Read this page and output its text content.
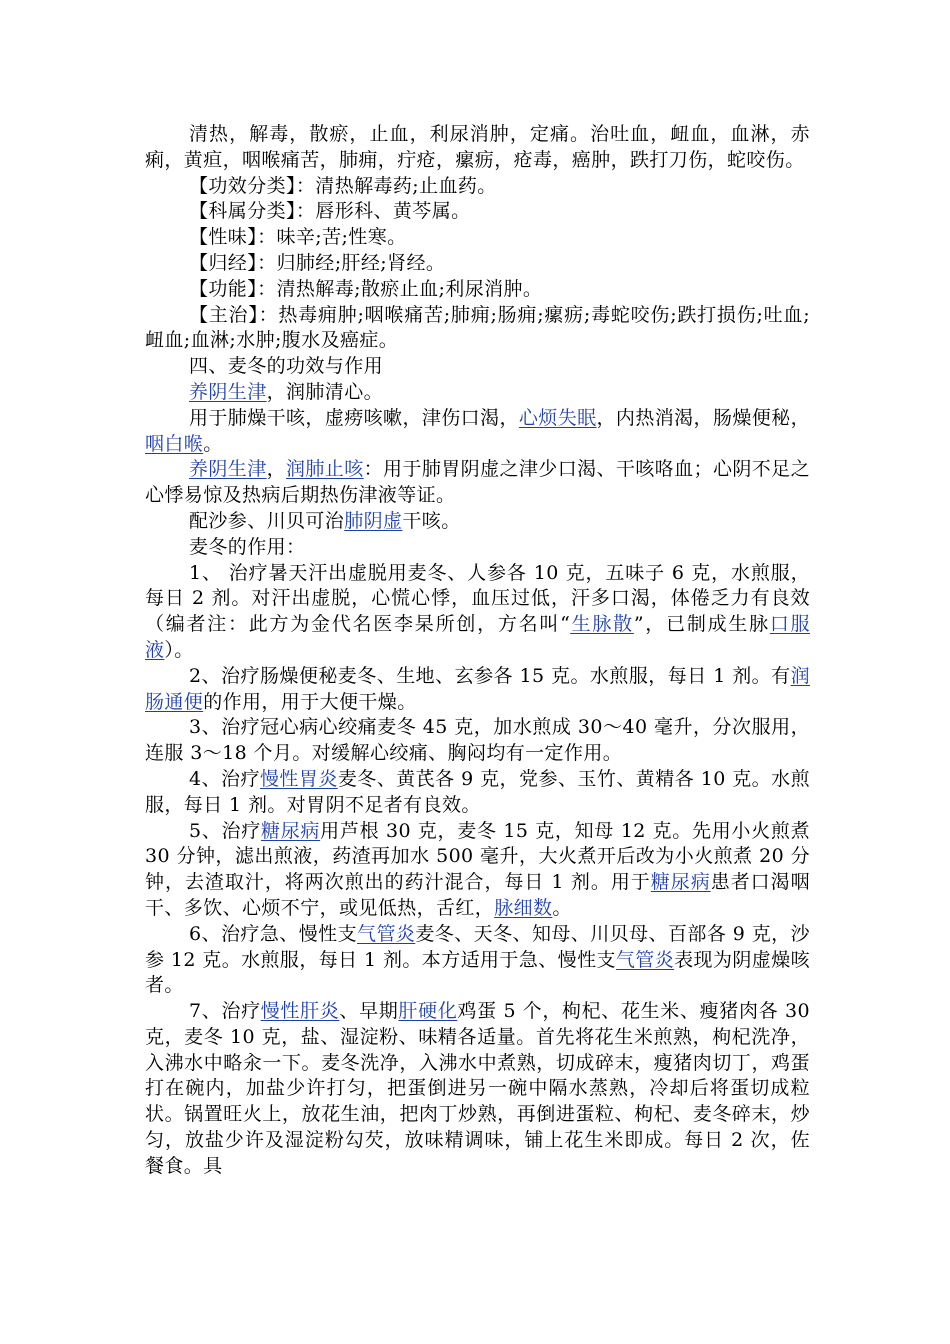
清热，解毒，散瘀，止血，利尿消肿，定痛。治吐血，衄血，血淋，赤痢，黄疸，咽喉痛苦，肺痈，疔疮，瘰疬，疮毒，癌肿，跌打刀伤，蛇咬伤。

【功效分类】：清热解毒药;止血药。

【科属分类】：唇形科、黄芩属。

【性味】：味辛;苦;性寒。

【归经】：归肺经;肝经;肾经。

【功能】：清热解毒;散瘀止血;利尿消肿。

【主治】：热毒痈肿;咽喉痛苦;肺痈;肠痈;瘰疬;毒蛇咬伤;跌打损伤;吐血;衄血;血淋;水肿;腹水及癌症。

四、麦冬的功效与作用

养阴生津，润肺清心。

用于肺燥干咳，虚痨咳嗽，津伤口渴，心烦失眠，内热消渴，肠燥便秘，咽白喉。

养阴生津，润肺止咳：用于肺胃阴虚之津少口渴、干咳咯血；心阴不足之心悸易惊及热病后期热伤津液等证。

配沙参、川贝可治肺阴虚干咳。

麦冬的作用：

1、 治疗暑天汗出虚脱用麦冬、人参各 10 克，五味子 6 克，水煎服，每日 2 剂。对汗出虚脱，心慌心悸，血压过低，汗多口渴，体倦乏力有良效（编者注：此方为金代名医李杲所创，方名叫“生脉散”，已制成生脉口服液）。

2、治疗肠燥便秘麦冬、生地、玄参各 15 克。水煎服，每日 1 剂。有润肠通便的作用，用于大便干燥。

3、治疗冠心病心绞痛麦冬 45 克，加水煎成 30～40 毫升，分次服用，连服 3～18 个月。对缓解心绞痛、胸闷均有一定作用。

4、治疗慢性胃炎麦冬、黄芪各 9 克，党参、玉竹、黄精各 10 克。水煎服，每日 1 剂。对胃阴不足者有良效。

5、治疗糖尿病用芦根 30 克，麦冬 15 克，知母 12 克。先用小火煎煮 30 分钟，滤出煎液，药渣再加水 500 毫升，大火煮开后改为小火煎煮 20 分钟，去渣取汁，将两次煎出的药汁混合，每日 1 剂。用于糖尿病患者口渴咽干、多饮、心烦不宁，或见低热，舌红，脉细数。

6、治疗急、慢性支气管炎麦冬、天冬、知母、川贝母、百部各 9 克，沙参 12 克。水煎服，每日 1 剂。本方适用于急、慢性支气管炎表现为阴虚燥咳者。

7、治疗慢性肝炎、早期肝硬化鸡蛋 5 个，枸杞、花生米、瘦猪肉各 30 克，麦冬 10 克，盐、湿淀粉、味精各适量。首先将花生米煎熟，枸杞洗净，入沸水中略汆一下。麦冬洗净，入沸水中煮熟，切成碎末，瘦猪肉切丁，鸡蛋打在碗内，加盐少许打匀，把蛋倒进另一碗中隔水蒸熟，冷却后将蛋切成粒状。锅置旺火上，放花生油，把肉丁炒熟，再倒进蛋粒、枸杞、麦冬碎末，炒匀，放盐少许及湿淀粉勾芡，放味精调味，铺上花生米即成。每日 2 次，佐餐食。具
